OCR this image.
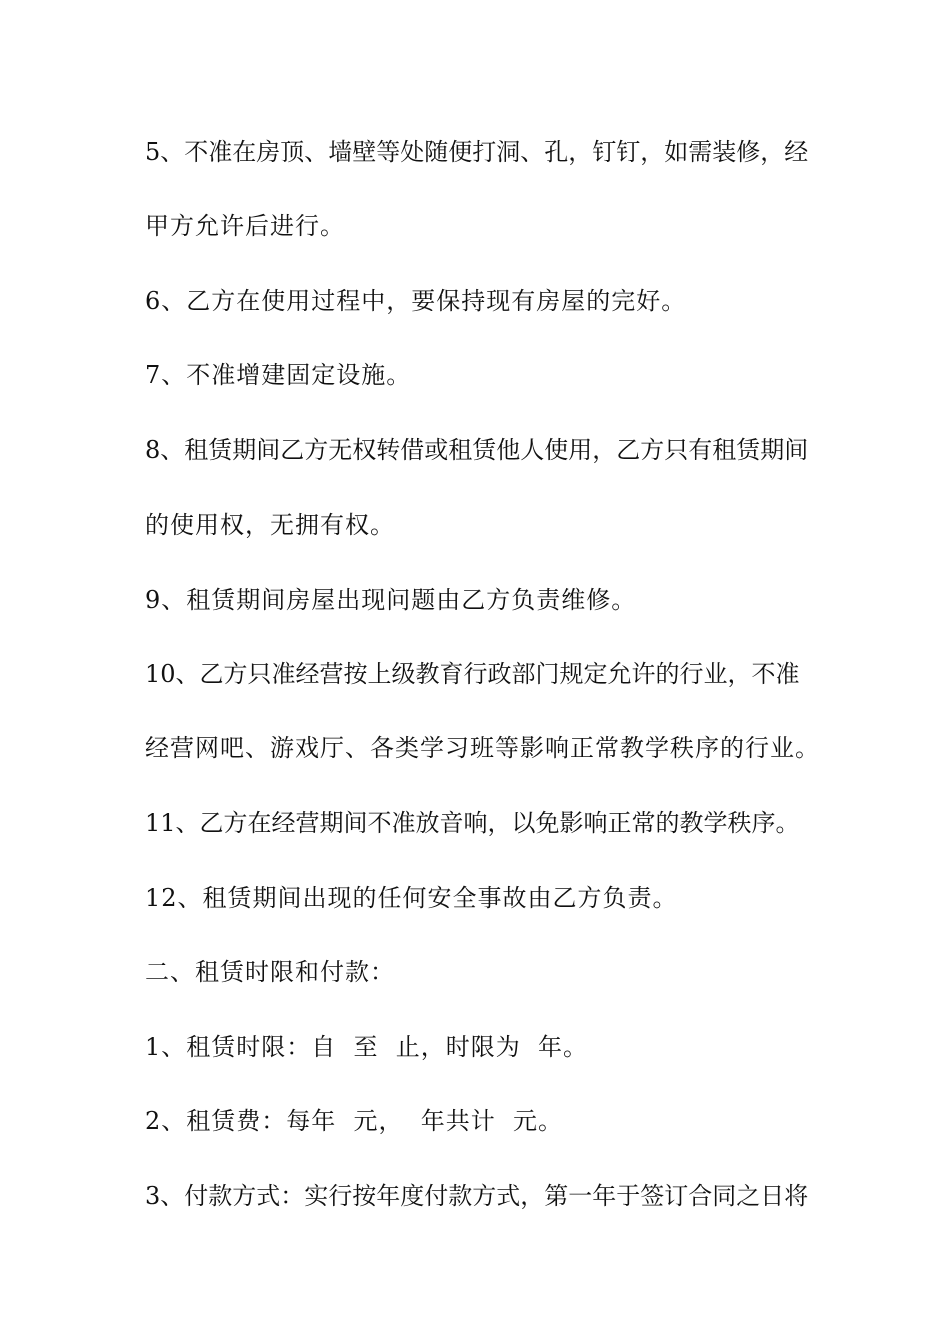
5、不准在房顶、墙壁等处随便打洞、孔，钉钉，如需装修，经
甲方允许后进行。
6、乙方在使用过程中，要保持现有房屋的完好。
7、不准增建固定设施。
8、租赁期间乙方无权转借或租赁他人使用，乙方只有租赁期间
的使用权，无拥有权。
9、租赁期间房屋出现问题由乙方负责维修。
10、乙方只准经营按上级教育行政部门规定允许的行业，不准
经营网吧、游戏厅、各类学习班等影响正常教学秩序的行业。
11、乙方在经营期间不准放音响，以免影响正常的教学秩序。
12、租赁期间出现的任何安全事故由乙方负责。
二、租赁时限和付款：
1、租赁时限：自  至  止，时限为  年。
2、租赁费：每年  元，  年共计  元。
3、付款方式：实行按年度付款方式，第一年于签订合同之日将
